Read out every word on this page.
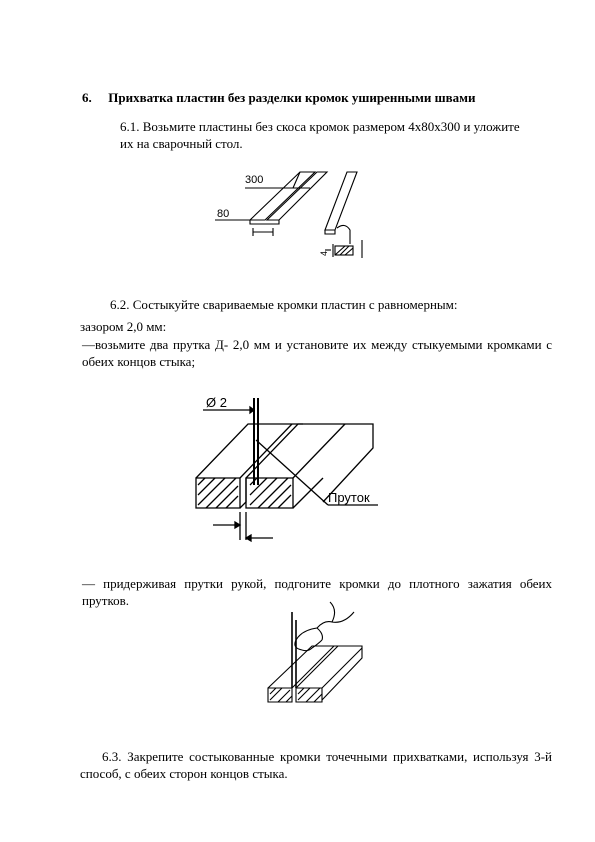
6. Прихватка пластин без разделки кромок уширенными швами
6.1. Возьмите пластины без скоса кромок размером 4x80x300 и уложите
их на сварочный стол.
300
80
4
6.2. Состыкуйте свариваемые кромки пластин с равномерным:
зазором 2,0 мм:
—возьмите два прутка Д- 2,0 мм и установите их между стыкуемыми кромками с обеих концов стыка;
Ø 2
Пруток
— придерживая прутки рукой, подгоните кромки до плотного зажатия обеих прутков.
6.3. Закрепите состыкованные кромки точечными прихватками, используя 3-й способ, с обеих сторон концов стыка.
